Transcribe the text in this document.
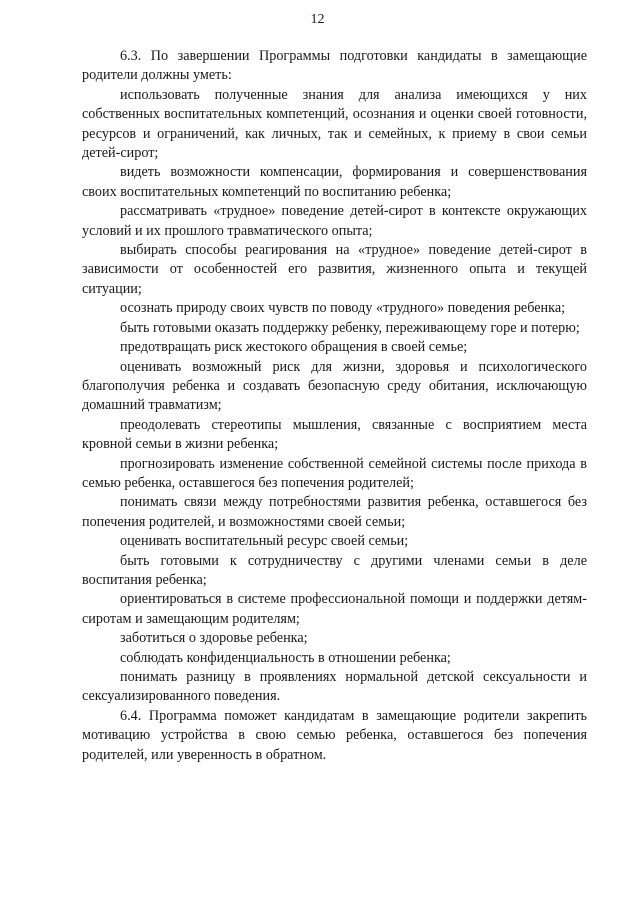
12

6.3. По завершении Программы подготовки кандидаты в замещающие родители должны уметь:

использовать полученные знания для анализа имеющихся у них собственных воспитательных компетенций, осознания и оценки своей готовности, ресурсов и ограничений, как личных, так и семейных, к приему в свои семьи детей-сирот;

видеть возможности компенсации, формирования и совершенствования своих воспитательных компетенций по воспитанию ребенка;

рассматривать «трудное» поведение детей-сирот в контексте окружающих условий и их прошлого травматического опыта;

выбирать способы реагирования на «трудное» поведение детей-сирот в зависимости от особенностей его развития, жизненного опыта и текущей ситуации;

осознать природу своих чувств по поводу «трудного» поведения ребенка;

быть готовыми оказать поддержку ребенку, переживающему горе и потерю;

предотвращать риск жестокого обращения в своей семье;

оценивать возможный риск для жизни, здоровья и психологического благополучия ребенка и создавать безопасную среду обитания, исключающую домашний травматизм;

преодолевать стереотипы мышления, связанные с восприятием места кровной семьи в жизни ребенка;

прогнозировать изменение собственной семейной системы после прихода в семью ребенка, оставшегося без попечения родителей;

понимать связи между потребностями развития ребенка, оставшегося без попечения родителей, и возможностями своей семьи;

оценивать воспитательный ресурс своей семьи;

быть готовыми к сотрудничеству с другими членами семьи в деле воспитания ребенка;

ориентироваться в системе профессиональной помощи и поддержки детям-сиротам и замещающим родителям;

заботиться о здоровье ребенка;

соблюдать конфиденциальность в отношении ребенка;

понимать разницу в проявлениях нормальной детской сексуальности и сексуализированного поведения.

6.4. Программа поможет кандидатам в замещающие родители закрепить мотивацию устройства в свою семью ребенка, оставшегося без попечения родителей, или уверенность в обратном.
